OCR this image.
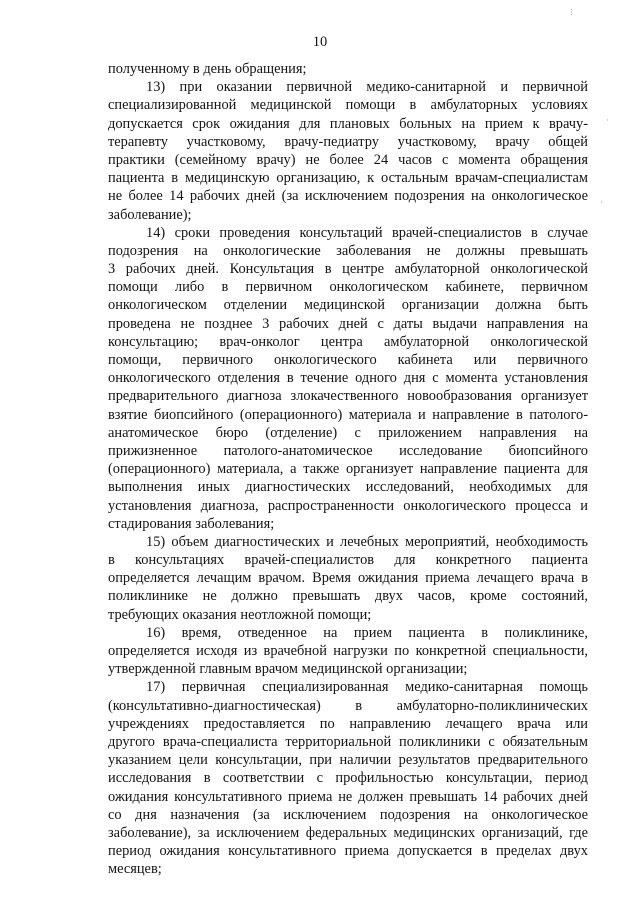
10
полученному в день обращения;
13) при оказании первичной медико-санитарной и первичной
специализированной медицинской помощи в амбулаторных условиях
допускается срок ожидания для плановых больных на прием к врачу-
терапевту участковому, врачу-педиатру участковому, врачу общей
практики (семейному врачу) не более 24 часов с момента обращения
пациента в медицинскую организацию, к остальным врачам-специалистам
не более 14 рабочих дней (за исключением подозрения на онкологическое
заболевание);
14) сроки проведения консультаций врачей-специалистов в случае
подозрения на онкологические заболевания не должны превышать
3 рабочих дней. Консультация в центре амбулаторной онкологической
помощи либо в первичном онкологическом кабинете, первичном
онкологическом отделении медицинской организации должна быть
проведена не позднее 3 рабочих дней с даты выдачи направления на
консультацию; врач-онколог центра амбулаторной онкологической
помощи, первичного онкологического кабинета или первичного
онкологического отделения в течение одного дня с момента установления
предварительного диагноза злокачественного новообразования организует
взятие биопсийного (операционного) материала и направление в патолого-
анатомическое бюро (отделение) с приложением направления на
прижизненное патолого-анатомическое исследование биопсийного
(операционного) материала, а также организует направление пациента для
выполнения иных диагностических исследований, необходимых для
установления диагноза, распространенности онкологического процесса и
стадирования заболевания;
15) объем диагностических и лечебных мероприятий, необходимость
в консультациях врачей-специалистов для конкретного пациента
определяется лечащим врачом. Время ожидания приема лечащего врача в
поликлинике не должно превышать двух часов, кроме состояний,
требующих оказания неотложной помощи;
16) время, отведенное на прием пациента в поликлинике,
определяется исходя из врачебной нагрузки по конкретной специальности,
утвержденной главным врачом медицинской организации;
17) первичная специализированная медико-санитарная помощь
(консультативно-диагностическая) в амбулаторно-поликлинических
учреждениях предоставляется по направлению лечащего врача или
другого врача-специалиста территориальной поликлиники с обязательным
указанием цели консультации, при наличии результатов предварительного
исследования в соответствии с профильностью консультации, период
ожидания консультативного приема не должен превышать 14 рабочих дней
со дня назначения (за исключением подозрения на онкологическое
заболевание), за исключением федеральных медицинских организаций, где
период ожидания консультативного приема допускается в пределах двух
месяцев;
⁝
·
·
